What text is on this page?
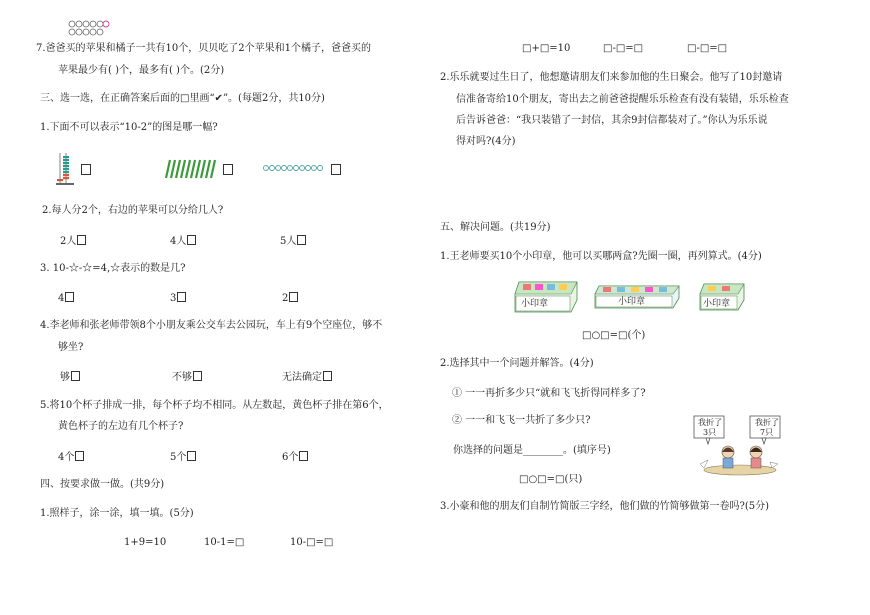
7.爸爸买的苹果和橘子一共有10个，贝贝吃了2个苹果和1个橘子，爸爸买的
苹果最少有( )个，最多有( )个。(2分)
三、选一选，在正确答案后面的□里画“✔”。(每题2分，共10分)
1.下面不可以表示“10-2”的图是哪一幅?
2.每人分2个，右边的苹果可以分给几人?
2人	4人	5人
3. 10-☆-☆=4,☆表示的数是几?
4	3	2
4.李老师和张老师带领8个小朋友乘公交车去公园玩，车上有9个空座位，够不
够坐?
够	不够	无法确定
5.将10个杯子排成一排，每个杯子均不相同。从左数起，黄色杯子排在第6个，
黄色杯子的左边有几个杯子?
4个	5个	6个
四、按要求做一做。(共9分)
1.照样子，涂一涂，填一填。(5分)
1+9=10	10-1=□	10-□=□
□+□=10	□-□=□	□-□=□
2.乐乐就要过生日了，他想邀请朋友们来参加他的生日聚会。他写了10封邀请
信准备寄给10个朋友，寄出去之前爸爸提醒乐乐检查有没有装错，乐乐检查
后告诉爸爸：“我只装错了一封信，其余9封信都装对了。”你认为乐乐说
得对吗?(4分)
五、解决问题。(共19分)
1.王老师要买10个小印章，他可以买哪两盒?先圈一圈，再列算式。(4分)
小印章	小印章	小印章
□○□=□(个)
2.选择其中一个问题并解答。(4分)
① 一一再折多少只“就和飞飞折得同样多了?
② 一一和飞飞一共折了多少只?
你选择的问题是________。(填序号)
□○□=□(只)
我折了
3只
我折了
7只
3.小豪和他的朋友们自制竹简版三字经，他们做的竹简够做第一卷吗?(5分)
